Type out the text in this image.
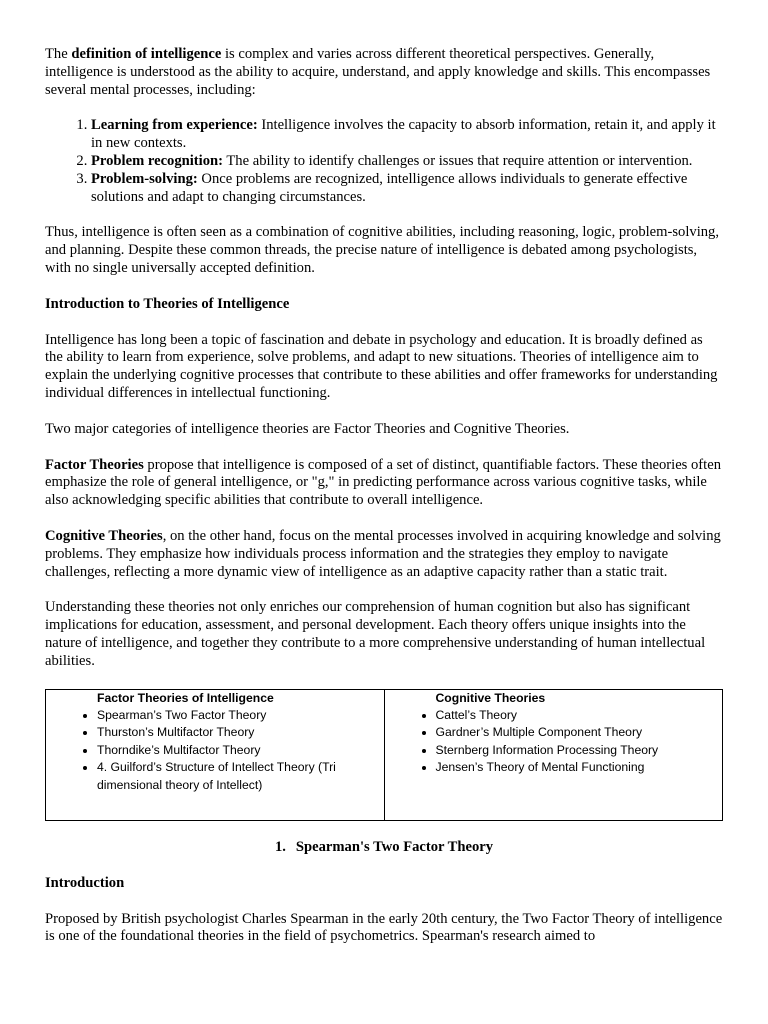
The definition of intelligence is complex and varies across different theoretical perspectives. Generally, intelligence is understood as the ability to acquire, understand, and apply knowledge and skills. This encompasses several mental processes, including:

1. Learning from experience: Intelligence involves the capacity to absorb information, retain it, and apply it in new contexts.
2. Problem recognition: The ability to identify challenges or issues that require attention or intervention.
3. Problem-solving: Once problems are recognized, intelligence allows individuals to generate effective solutions and adapt to changing circumstances.

Thus, intelligence is often seen as a combination of cognitive abilities, including reasoning, logic, problem-solving, and planning. Despite these common threads, the precise nature of intelligence is debated among psychologists, with no single universally accepted definition.

Introduction to Theories of Intelligence

Intelligence has long been a topic of fascination and debate in psychology and education. It is broadly defined as the ability to learn from experience, solve problems, and adapt to new situations. Theories of intelligence aim to explain the underlying cognitive processes that contribute to these abilities and offer frameworks for understanding individual differences in intellectual functioning.

Two major categories of intelligence theories are Factor Theories and Cognitive Theories.

Factor Theories propose that intelligence is composed of a set of distinct, quantifiable factors. These theories often emphasize the role of general intelligence, or "g," in predicting performance across various cognitive tasks, while also acknowledging specific abilities that contribute to overall intelligence.

Cognitive Theories, on the other hand, focus on the mental processes involved in acquiring knowledge and solving problems. They emphasize how individuals process information and the strategies they employ to navigate challenges, reflecting a more dynamic view of intelligence as an adaptive capacity rather than a static trait.

Understanding these theories not only enriches our comprehension of human cognition but also has significant implications for education, assessment, and personal development. Each theory offers unique insights into the nature of intelligence, and together they contribute to a more comprehensive understanding of human intellectual abilities.

Factor Theories of Intelligence
• Spearman’s Two Factor Theory
• Thurston’s Multifactor Theory
• Thorndike’s Multifactor Theory
• 4. Guilford’s Structure of Intellect Theory (Tri dimensional theory of Intellect)

Cognitive Theories
• Cattel’s Theory
• Gardner’s Multiple Component Theory
• Sternberg Information Processing Theory
• Jensen’s Theory of Mental Functioning

1. Spearman's Two Factor Theory

Introduction

Proposed by British psychologist Charles Spearman in the early 20th century, the Two Factor Theory of intelligence is one of the foundational theories in the field of psychometrics. Spearman's research aimed to
